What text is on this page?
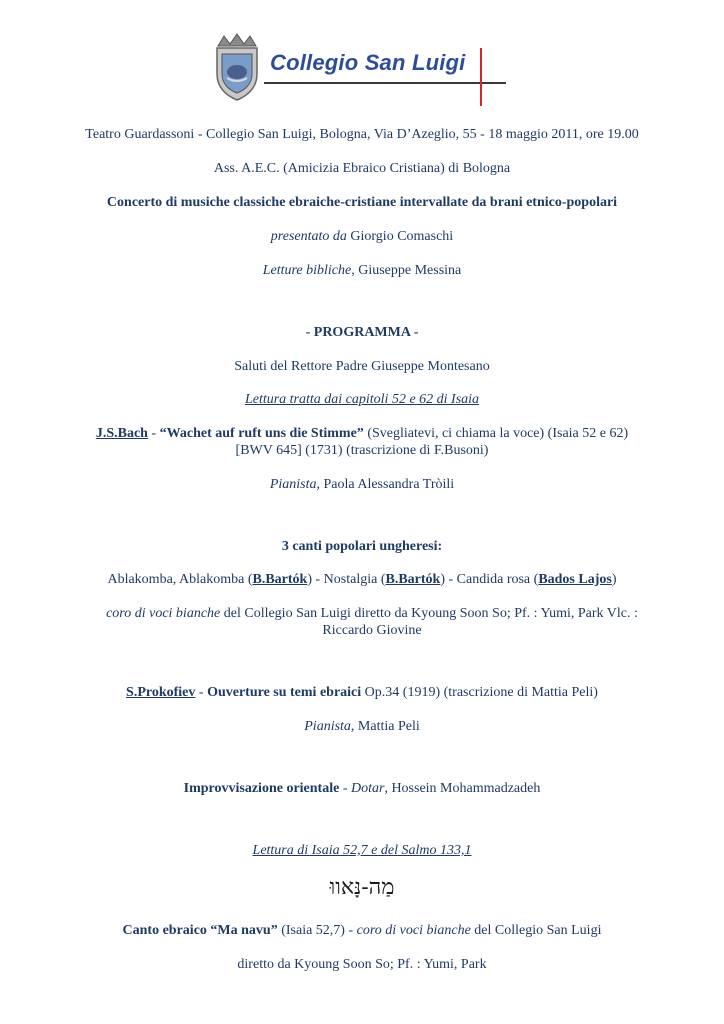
Collegio San Luigi
Teatro Guardassoni - Collegio San Luigi, Bologna, Via D’Azeglio, 55 - 18 maggio 2011, ore 19.00
Ass. A.E.C. (Amicizia Ebraico Cristiana) di Bologna
Concerto di musiche classiche ebraiche-cristiane intervallate da brani etnico-popolari
presentato da Giorgio Comaschi
Letture bibliche, Giuseppe Messina
- PROGRAMMA -
Saluti del Rettore Padre Giuseppe Montesano
Lettura tratta dai capitoli 52 e 62 di Isaia
J.S.Bach - “Wachet auf ruft uns die Stimme” (Svegliatevi, ci chiama la voce) (Isaia 52 e 62)
[BWV 645] (1731) (trascrizione di F.Busoni)
Pianista, Paola Alessandra Tròili
3 canti popolari ungheresi:
Ablakomba, Ablakomba (B.Bartók) - Nostalgia (B.Bartók) - Candida rosa (Bados Lajos)
coro di voci bianche del Collegio San Luigi diretto da Kyoung Soon So; Pf. : Yumi, Park Vlc. : Riccardo Giovine
S.Prokofiev - Ouverture su temi ebraici Op.34 (1919) (trascrizione di Mattia Peli)
Pianista, Mattia Peli
Improvvisazione orientale - Dotar, Hossein Mohammadzadeh
Lettura di Isaia 52,7 e del Salmo 133,1
מַה-נָּאווּ
Canto ebraico “Ma navu” (Isaia 52,7) - coro di voci bianche del Collegio San Luigi
diretto da Kyoung Soon So; Pf. : Yumi, Park
